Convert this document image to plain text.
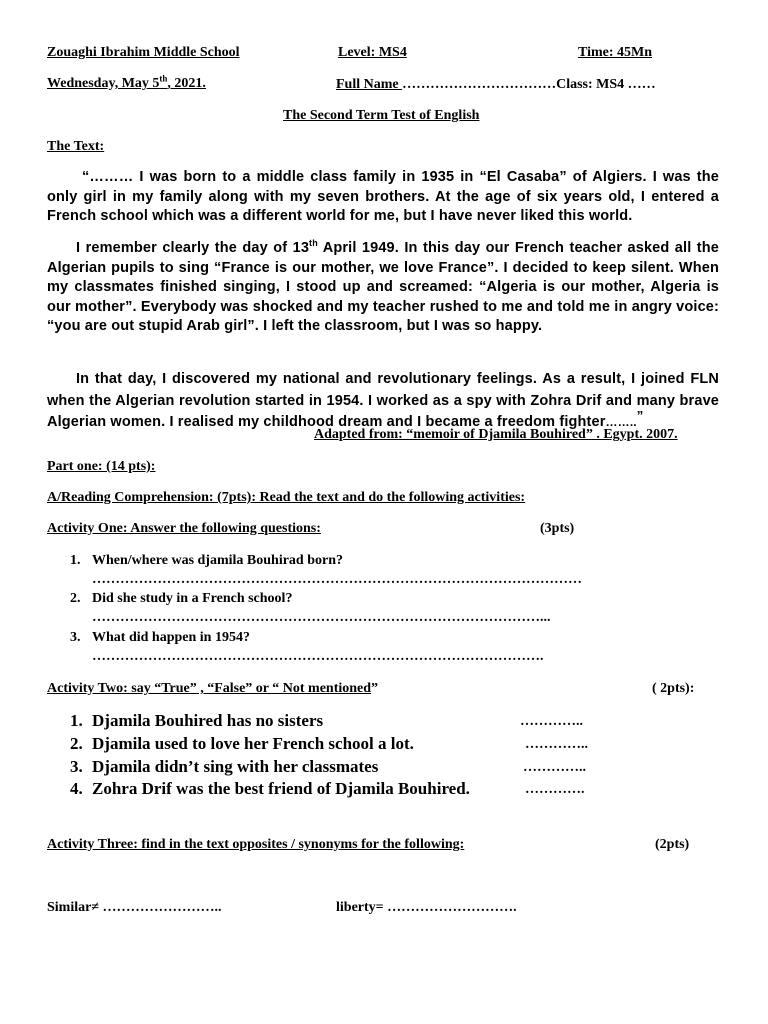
Zouaghi Ibrahim Middle School	Level: MS4	Time: 45Mn
Wednesday, May 5th, 2021.	Full Name ……………………………Class: MS4 ……
The Second Term Test of English
The Text:
“……… I was born to a middle class family in 1935 in “El Casaba” of Algiers. I was the only girl in my family along with my seven brothers. At the age of six years old, I entered a French school which was a different world for me, but I have never liked this world.
I remember clearly the day of 13th April 1949. In this day our French teacher asked all the Algerian pupils to sing “France is our mother, we love France”. I decided to keep silent. When my classmates finished singing, I stood up and screamed: “Algeria is our mother, Algeria is our mother”. Everybody was shocked and my teacher rushed to me and told me in angry voice: “you are out stupid Arab girl”. I left the classroom, but I was so happy.
In that day, I discovered my national and revolutionary feelings. As a result, I joined FLN when the Algerian revolution started in 1954. I worked as a spy with Zohra Drif and many brave Algerian women. I realised my childhood dream and I became a freedom fighter……..”
Adapted from: “memoir of Djamila Bouhired” . Egypt. 2007.
Part one: (14 pts):
A/Reading Comprehension: (7pts): Read the text and do the following activities:
Activity One: Answer the following questions:	(3pts)
1. When/where was djamila Bouhirad born?
……………………………………………………………………………………………
2. Did she study in a French school?
……………………………………………………………………………………...
3. What did happen in 1954?
…………………………………………………………………………………….
Activity Two: say “True” , “False” or “ Not mentioned”	( 2pts):
1. Djamila Bouhired has no sisters	…………..
2. Djamila used to love her French school a lot.	…………..
3. Djamila didn’t sing with her classmates	…………..
4. Zohra Drif was the best friend of Djamila Bouhired.	………….
Activity Three: find in the text opposites / synonyms for the following:	(2pts)
Similar≠ ……………………..	liberty= ……………………….
